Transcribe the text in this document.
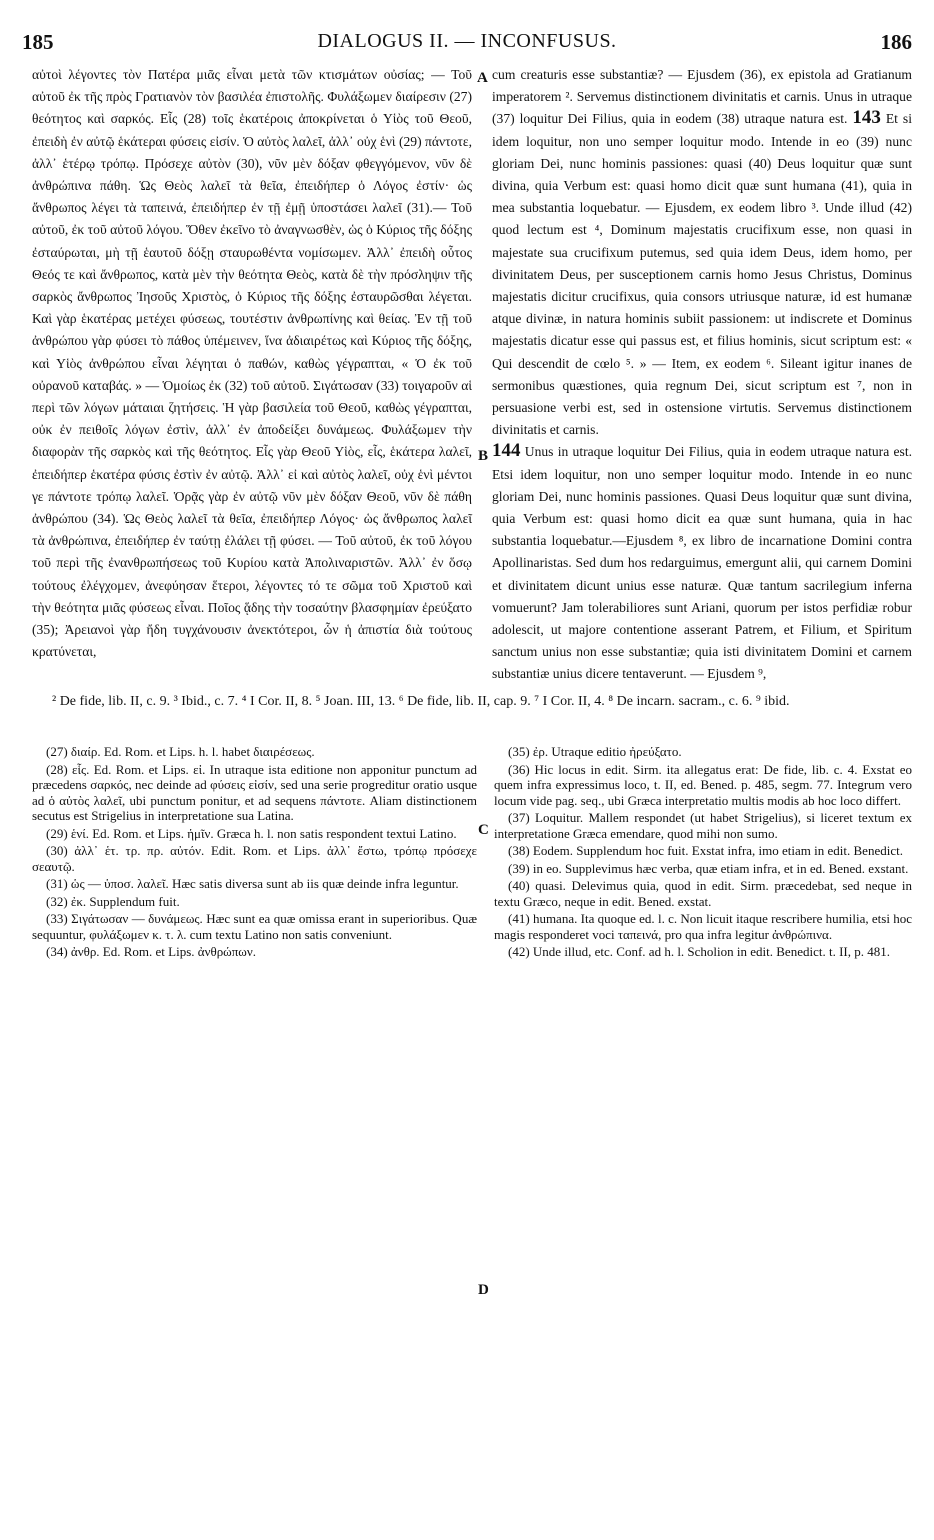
185	DIALOGUS II. — INCONFUSUS.	186

αὐτοὶ λέγοντες τὸν Πατέρα μιᾶς εἶναι μετὰ τῶν κτισμάτων οὐσίας; — Τοῦ αὐτοῦ ἐκ τῆς πρὸς Γρατιανὸν τὸν βασιλέα ἐπιστολῆς. Φυλάξωμεν διαίρεσιν (27) θεότητος καὶ σαρκός. Εἷς (28) τοῖς ἑκατέροις ἀποκρίνεται ὁ Υἱὸς τοῦ Θεοῦ, ἐπειδὴ ἐν αὐτῷ ἑκάτεραι φύσεις εἰσίν. Ὁ αὐτὸς λαλεῖ, ἀλλ᾽ οὐχ ἑνὶ (29) πάντοτε, ἀλλ᾽ ἑτέρῳ τρόπῳ. Πρόσεχε αὐτὸν (30), νῦν μὲν δόξαν φθεγγόμενον, νῦν δὲ ἀνθρώπινα πάθη. Ὡς Θεὸς λαλεῖ τὰ θεῖα, ἐπειδήπερ ὁ Λόγος ἐστίν· ὡς ἄνθρωπος λέγει τὰ ταπεινά, ἐπειδήπερ ἐν τῇ ἐμῇ ὑποστάσει λαλεῖ (31).— Τοῦ αὐτοῦ, ἐκ τοῦ αὐτοῦ λόγου. Ὅθεν ἐκεῖνο τὸ ἀναγνωσθὲν, ὡς ὁ Κύριος τῆς δόξης ἐσταύρωται, μὴ τῇ ἑαυτοῦ δόξῃ σταυρωθέντα νομίσωμεν. Ἀλλ᾽ ἐπειδὴ οὗτος Θεός τε καὶ ἄνθρωπος, κατὰ μὲν τὴν θεότητα Θεὸς, κατὰ δὲ τὴν πρόσληψιν τῆς σαρκὸς ἄνθρωπος Ἰησοῦς Χριστὸς, ὁ Κύριος τῆς δόξης ἐσταυρῶσθαι λέγεται. Καὶ γὰρ ἑκατέρας μετέχει φύσεως, τουτέστιν ἀνθρωπίνης καὶ θείας. Ἐν τῇ τοῦ ἀνθρώπου γὰρ φύσει τὸ πάθος ὑπέμεινεν, ἵνα ἀδιαιρέτως καὶ Κύριος τῆς δόξης, καὶ Υἱὸς ἀνθρώπου εἶναι λέγηται ὁ παθών, καθὼς γέγραπται, « Ὁ ἐκ τοῦ οὐρανοῦ καταβάς. » — Ὁμοίως ἐκ (32) τοῦ αὐτοῦ. Σιγάτωσαν (33) τοιγαροῦν αἱ περὶ τῶν λόγων μάταιαι ζητήσεις. Ἡ γὰρ βασιλεία τοῦ Θεοῦ, καθὼς γέγραπται, οὐκ ἐν πειθοῖς λόγων ἐστὶν, ἀλλ᾽ ἐν ἀποδείξει δυνάμεως. Φυλάξωμεν τὴν διαφορὰν τῆς σαρκὸς καὶ τῆς θεότητος. Εἷς γὰρ Θεοῦ Υἱὸς, εἷς, ἑκάτερα λαλεῖ, ἐπειδήπερ ἑκατέρα φύσις ἐστὶν ἐν αὐτῷ. Ἀλλ᾽ εἰ καὶ αὐτὸς λαλεῖ, οὐχ ἑνὶ μέντοι γε πάντοτε τρόπῳ λαλεῖ. Ὁρᾷς γὰρ ἐν αὐτῷ νῦν μὲν δόξαν Θεοῦ, νῦν δὲ πάθη ἀνθρώπου (34). Ὡς Θεὸς λαλεῖ τὰ θεῖα, ἐπειδήπερ Λόγος· ὡς ἄνθρωπος λαλεῖ τὰ ἀνθρώπινα, ἐπειδήπερ ἐν ταύτῃ ἐλάλει τῇ φύσει. — Τοῦ αὐτοῦ, ἐκ τοῦ λόγου τοῦ περὶ τῆς ἐνανθρωπήσεως τοῦ Κυρίου κατὰ Ἀπολιναριστῶν. Ἀλλ᾽ ἐν ὅσῳ τούτους ἐλέγχομεν, ἀνεφύησαν ἕτεροι, λέγοντες τό τε σῶμα τοῦ Χριστοῦ καὶ τὴν θεότητα μιᾶς φύσεως εἶναι. Ποῖος ᾅδης τὴν τοσαύτην βλασφημίαν ἐρεύξατο (35); Ἀρειανοὶ γὰρ ἤδη τυγχάνουσιν ἀνεκτότεροι, ὧν ἡ ἀπιστία διὰ τούτους κρατύνεται,

A
B
C
D

cum creaturis esse substantiæ? — Ejusdem (36), ex epistola ad Gratianum imperatorem ². Servemus distinctionem divinitatis et carnis. Unus in utraque (37) loquitur Dei Filius, quia in eodem (38) utraque natura est. 143 Et si idem loquitur, non uno semper loquitur modo. Intende in eo (39) nunc gloriam Dei, nunc hominis passiones: quasi (40) Deus loquitur quæ sunt divina, quia Verbum est: quasi homo dicit quæ sunt humana (41), quia in mea substantia loquebatur. — Ejusdem, ex eodem libro ³. Unde illud (42) quod lectum est ⁴, Dominum majestatis crucifixum esse, non quasi in majestate sua crucifixum putemus, sed quia idem Deus, idem homo, per divinitatem Deus, per susceptionem carnis homo Jesus Christus, Dominus majestatis dicitur crucifixus, quia consors utriusque naturæ, id est humanæ atque divinæ, in natura hominis subiit passionem: ut indiscrete et Dominus majestatis dicatur esse qui passus est, et filius hominis, sicut scriptum est: « Qui descendit de cœlo ⁵. » — Item, ex eodem ⁶. Sileant igitur inanes de sermonibus quæstiones, quia regnum Dei, sicut scriptum est ⁷, non in persuasione verbi est, sed in ostensione virtutis. Servemus distinctionem divinitatis et carnis.

144 Unus in utraque loquitur Dei Filius, quia in eodem utraque natura est. Etsi idem loquitur, non uno semper loquitur modo. Intende in eo nunc gloriam Dei, nunc hominis passiones. Quasi Deus loquitur quæ sunt divina, quia Verbum est: quasi homo dicit ea quæ sunt humana, quia in hac substantia loquebatur.—Ejusdem ⁸, ex libro de incarnatione Domini contra Apollinaristas. Sed dum hos redarguimus, emergunt alii, qui carnem Domini et divinitatem dicunt unius esse naturæ. Quæ tantum sacrilegium inferna vomuerunt? Jam tolerabiliores sunt Ariani, quorum per istos perfidiæ robur adolescit, ut majore contentione asserant Patrem, et Filium, et Spiritum sanctum unius non esse substantiæ; quia isti divinitatem Domini et carnem substantiæ unius dicere tentaverunt. — Ejusdem ⁹,

² De fide, lib. II, c. 9. ³ Ibid., c. 7. ⁴ I Cor. II, 8. ⁵ Joan. III, 13. ⁶ De fide, lib. II, cap. 9. ⁷ I Cor. II, 4. ⁸ De incarn. sacram., c. 6. ⁹ ibid.

(27) διαίρ. Ed. Rom. et Lips. h. l. habet διαιρέσεως.

(28) εἷς. Ed. Rom. et Lips. εἰ. In utraque ista editione non apponitur punctum ad præcedens σαρκός, nec deinde ad φύσεις εἰσίν, sed una serie progreditur oratio usque ad ὁ αὐτὸς λαλεῖ, ubi punctum ponitur, et ad sequens πάντοτε. Aliam distinctionem secutus est Strigelius in interpretatione sua Latina.

(29) ἑνί. Ed. Rom. et Lips. ἡμῖν. Græca h. l. non satis respondent textui Latino.

(30) ἀλλ᾽ ἑτ. τρ. πρ. αὐτόν. Edit. Rom. et Lips. ἀλλ᾽ ἔστω, τρόπῳ πρόσεχε σεαυτῷ.

(31) ὡς — ὑποσ. λαλεῖ. Hæc satis diversa sunt ab iis quæ deinde infra leguntur.

(32) ἐκ. Supplendum fuit.

(33) Σιγάτωσαν — δυνάμεως. Hæc sunt ea quæ omissa erant in superioribus. Quæ sequuntur, φυλάξωμεν κ. τ. λ. cum textu Latino non satis conveniunt.

(34) ἀνθρ. Ed. Rom. et Lips. ἀνθρώπων.

(35) ἐρ. Utraque editio ἠρεύξατο.

(36) Hic locus in edit. Sirm. ita allegatus erat: De fide, lib. c. 4. Exstat eo quem infra expressimus loco, t. II, ed. Bened. p. 485, segm. 77. Integrum vero locum vide pag. seq., ubi Græca interpretatio multis modis ab hoc loco differt.

(37) Loquitur. Mallem respondet (ut habet Strigelius), si liceret textum ex interpretatione Græca emendare, quod mihi non sumo.

(38) Eodem. Supplendum hoc fuit. Exstat infra, imo etiam in edit. Benedict.

(39) in eo. Supplevimus hæc verba, quæ etiam infra, et in ed. Bened. exstant.

(40) quasi. Delevimus quia, quod in edit. Sirm. præcedebat, sed neque in textu Græco, neque in edit. Bened. exstat.

(41) humana. Ita quoque ed. l. c. Non licuit itaque rescribere humilia, etsi hoc magis responderet voci ταπεινά, pro qua infra legitur ἀνθρώπινα.

(42) Unde illud, etc. Conf. ad h. l. Scholion in edit. Benedict. t. II, p. 481.
